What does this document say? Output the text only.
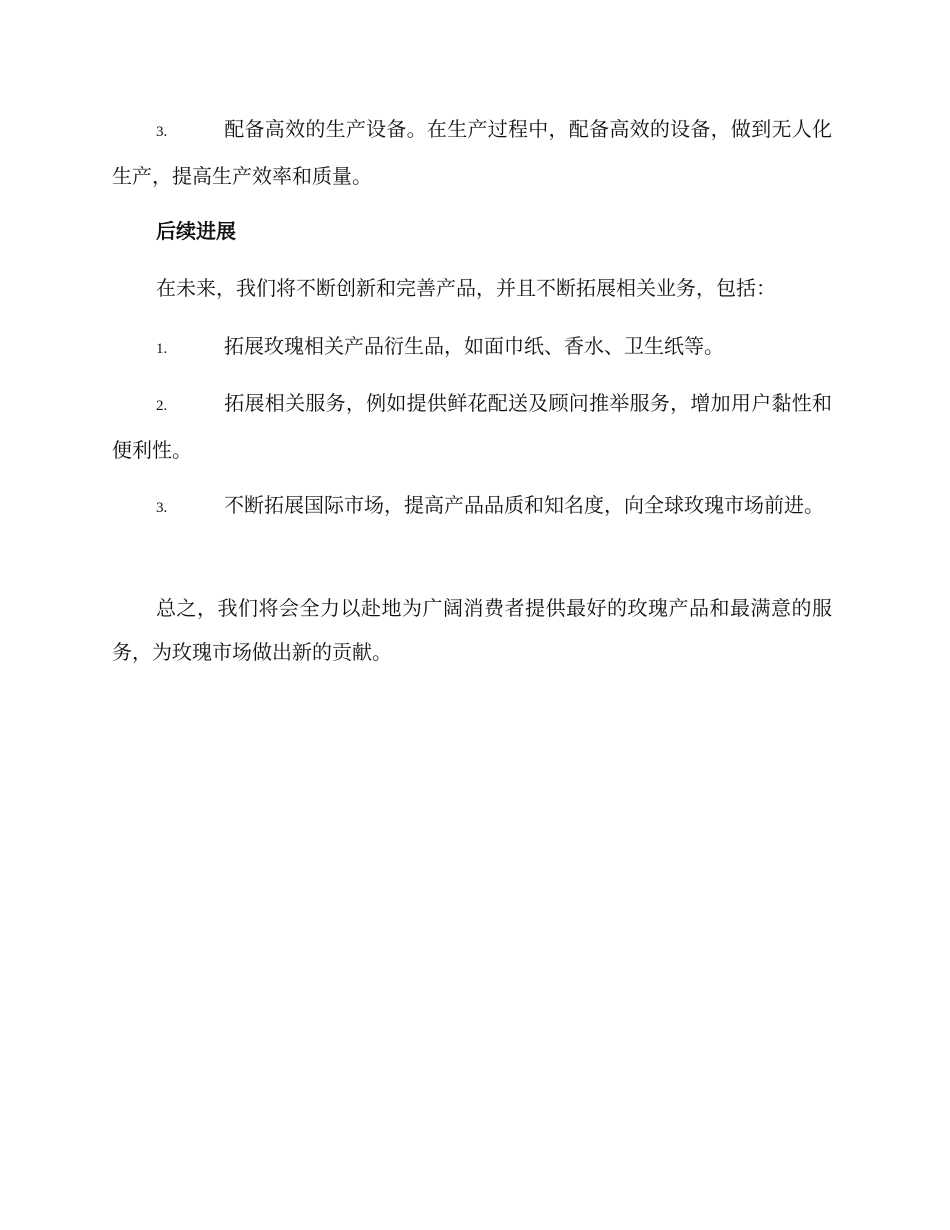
3.	配备高效的生产设备。在生产过程中，配备高效的设备，做到无人化生产，提高生产效率和质量。

后续进展

在未来，我们将不断创新和完善产品，并且不断拓展相关业务，包括：

1.	拓展玫瑰相关产品衍生品，如面巾纸、香水、卫生纸等。

2.	拓展相关服务，例如提供鲜花配送及顾问推举服务，增加用户黏性和便利性。

3.	不断拓展国际市场，提高产品品质和知名度，向全球玫瑰市场前进。

总之，我们将会全力以赴地为广阔消费者提供最好的玫瑰产品和最满意的服务，为玫瑰市场做出新的贡献。
